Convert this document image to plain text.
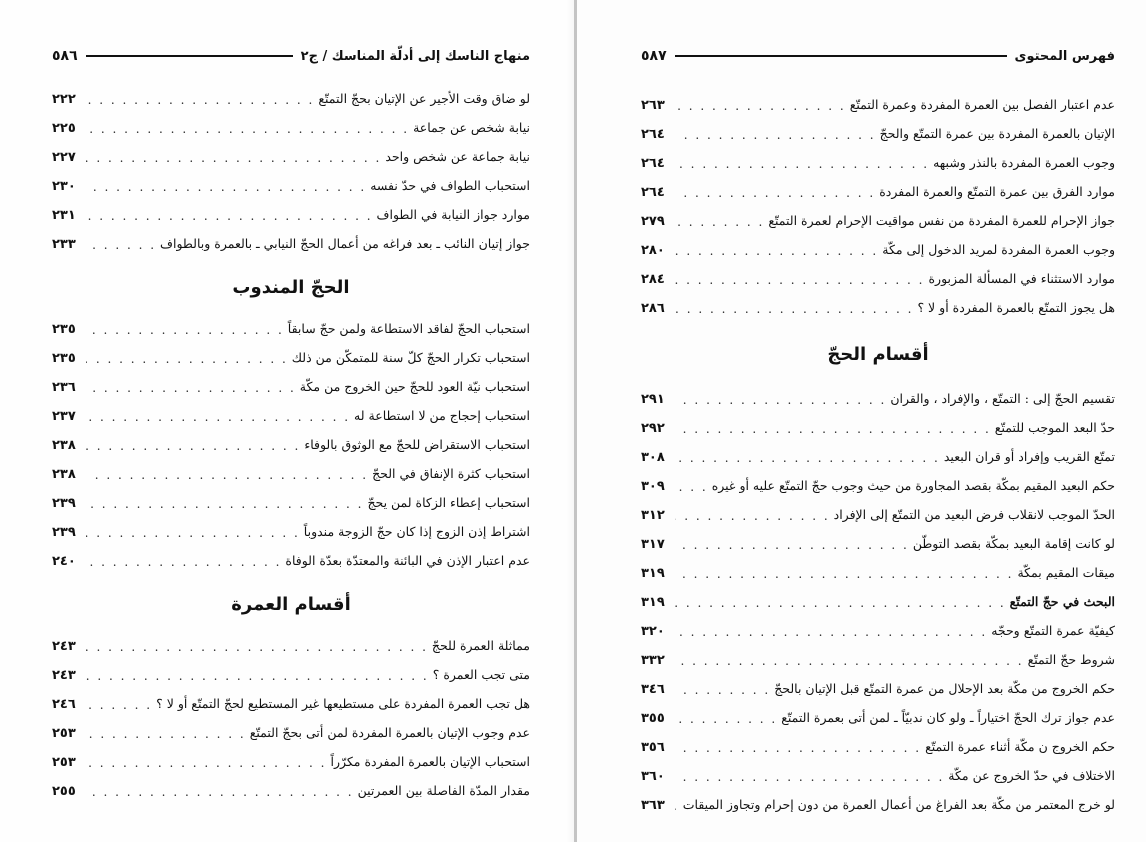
منهاج الناسك إلى أدلّة المناسك / ج٢
٥٨٦
لو ضاق وقت الأجير عن الإتيان بحجّ التمتّع
. . .
٢٢٢
نيابة شخص عن جماعة
. . .
٢٢٥
نيابة جماعة عن شخص واحد
. . .
٢٢٧
استحباب الطواف في حدّ نفسه
. . .
٢٣٠
موارد جواز النيابة في الطواف
. . .
٢٣١
جواز إتيان النائب ـ بعد فراغه من أعمال الحجّ النيابي ـ بالعمرة وبالطواف
. . .
٢٣٣
الحجّ المندوب
استحباب الحجّ لفاقد الاستطاعة ولمن حجّ سابقاً
. . .
٢٣٥
استحباب تكرار الحجّ كلّ سنة للمتمكّن من ذلك
. . .
٢٣٥
استحباب نيّة العود للحجّ حين الخروج من مكّة
. . .
٢٣٦
استحباب إحجاج من لا استطاعة له
. . .
٢٣٧
استحباب الاستقراض للحجّ مع الوثوق بالوفاء
. . .
٢٣٨
استحباب كثرة الإنفاق في الحجّ
. . .
٢٣٨
استحباب إعطاء الزكاة لمن يحجّ
. . .
٢٣٩
اشتراط إذن الزوج إذا كان حجّ الزوجة مندوباً
. . .
٢٣٩
عدم اعتبار الإذن في البائنة والمعتدّة بعدّة الوفاة
. . .
٢٤٠
أقسام العمرة
مماثلة العمرة للحجّ
. . .
٢٤٣
متى تجب العمرة ؟
. . .
٢٤٣
هل تجب العمرة المفردة على مستطيعها غير المستطيع لحجّ التمتّع أو لا ؟
. . .
٢٤٦
عدم وجوب الإتيان بالعمرة المفردة لمن أتى بحجّ التمتّع
. . .
٢٥٣
استحباب الإتيان بالعمرة المفردة مكرّراً
. . .
٢٥٣
مقدار المدّة الفاصلة بين العمرتين
. . .
٢٥٥
فهرس المحتوى
٥٨٧
عدم اعتبار الفصل بين العمرة المفردة وعمرة التمتّع
. . .
٢٦٣
الإتيان بالعمرة المفردة بين عمرة التمتّع والحجّ
. . .
٢٦٤
وجوب العمرة المفردة بالنذر وشبهه
. . .
٢٦٤
موارد الفرق بين عمرة التمتّع والعمرة المفردة
. . .
٢٦٤
جواز الإحرام للعمرة المفردة من نفس مواقيت الإحرام لعمرة التمتّع
. . .
٢٧٩
وجوب العمرة المفردة لمريد الدخول إلى مكّة
. . .
٢٨٠
موارد الاستثناء في المسألة المزبورة
. . .
٢٨٤
هل يجوز التمتّع بالعمرة المفردة أو لا ؟
. . .
٢٨٦
أقسام الحجّ
تقسيم الحجّ إلى : التمتّع ، والإفراد ، والقران
. . .
٢٩١
حدّ البعد الموجب للتمتّع
. . .
٢٩٢
تمتّع القريب وإفراد أو قران البعيد
. . .
٣٠٨
حكم البعيد المقيم بمكّة بقصد المجاورة من حيث وجوب حجّ التمتّع عليه أو غيره
. . .
٣٠٩
الحدّ الموجب لانقلاب فرض البعيد من التمتّع إلى الإفراد
. . .
٣١٢
لو كانت إقامة البعيد بمكّة بقصد التوطّن
. . .
٣١٧
ميقات المقيم بمكّة
. . .
٣١٩
البحث في حجّ التمتّع
. . .
٣١٩
كيفيّة عمرة التمتّع وحجّه
. . .
٣٢٠
شروط حجّ التمتّع
. . .
٣٣٢
حكم الخروج من مكّة بعد الإحلال من عمرة التمتّع قبل الإتيان بالحجّ
. . .
٣٤٦
عدم جواز ترك الحجّ اختياراً ـ ولو كان ندبيّاً ـ لمن أتى بعمرة التمتّع
. . .
٣٥٥
حكم الخروج ن مكّة أثناء عمرة التمتّع
. . .
٣٥٦
الاختلاف في حدّ الخروج عن مكّة
. . .
٣٦٠
لو خرج المعتمر من مكّة بعد الفراغ من أعمال العمرة من دون إحرام وتجاوز الميقات
. . .
٣٦٣
